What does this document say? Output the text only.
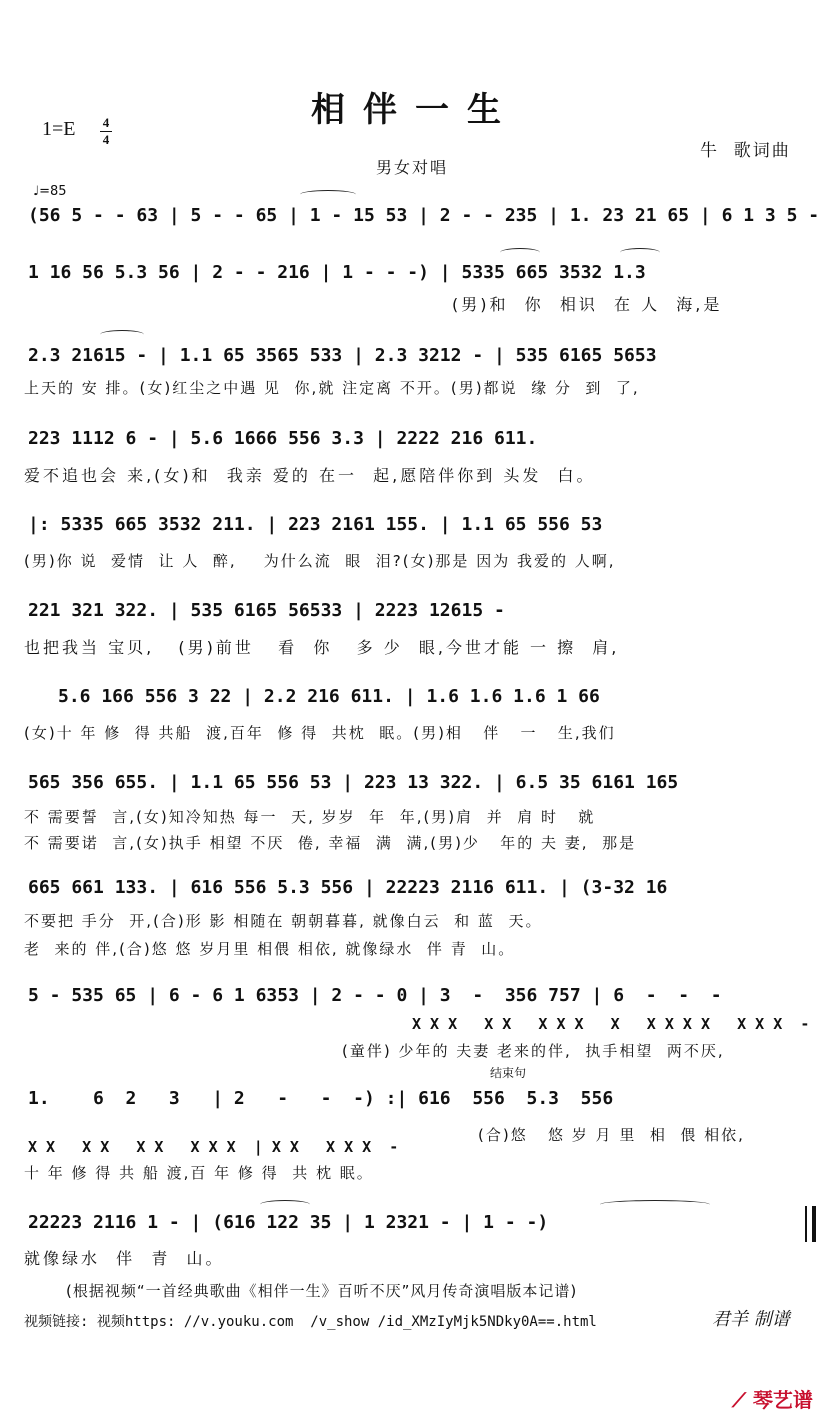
相伴一生
1=E 4
4
牛  歌词曲
男女对唱
♩=85
(56 5 - - 63 | 5 - - 65 | 1 - 15 53 | 2 - - 235 | 1. 23 21 65 | 6 1 3 5 -
1 16 56 5.3 56 | 2 - - 216 | 1 - - -) | 5335 665 3532 1.3
(男)和  你  相识  在 人  海,是
2.3 21615 - | 1.1 65 3565 533 | 2.3 3212 - | 535 6165 5653
上天的 安 排。(女)红尘之中遇 见  你,就 注定离 不开。(男)都说  缘 分  到  了,
223 1112 6 - | 5.6 1666 556 3.3 | 2222 216 611.
爱不追也会 来,(女)和  我亲 爱的 在一  起,愿陪伴你到 头发  白。
|: 5335 665 3532 211. | 223 2161 155. | 1.1 65 556 53
(男)你 说  爱情  让 人  醉,    为什么流  眼  泪?(女)那是 因为 我爱的 人啊,
221 321 322. | 535 6165 56533 | 2223 12615 -
也把我当 宝贝,   (男)前世   看  你   多 少  眼,今世才能 一 擦  肩,
5.6 166 556 3 22 | 2.2 216 611. | 1.6 1.6 1.6 1 66
(女)十 年 修  得 共船  渡,百年  修 得  共枕  眠。(男)相   伴   一   生,我们
565 356 655. | 1.1 65 556 53 | 223 13 322. | 6.5 35 6161 165
不 需要誓  言,(女)知冷知热 每一  天, 岁岁  年  年,(男)肩  并  肩 时   就
不 需要诺  言,(女)执手 相望 不厌  倦, 幸福  满  满,(男)少   年的 夫 妻,  那是
665 661 133. | 616 556 5.3 556 | 22223 2116 611. | (3-32 16
不要把 手分  开,(合)形 影 相随在 朝朝暮暮, 就像白云  和 蓝  天。
老  来的 伴,(合)悠 悠 岁月里 相偎 相依, 就像绿水  伴 青  山。
5 - 535 65 | 6 - 6 1 6353 | 2 - - 0 | 3  -  356 757 | 6  -  -  -
X X X   X X   X X X   X   X X X X   X X X  -
(童伴) 少年的 夫妻 老来的伴,  执手相望  两不厌,
结束句
1.    6  2   3   | 2   -   -  -) :| 616  556  5.3  556
X X   X X   X X   X X X  | X X   X X X  -
(合)悠   悠 岁 月 里  相  偎 相依,
十 年 修 得 共 船 渡,百 年 修 得  共 枕 眠。
22223 2116 1 - | (616 122 35 | 1 2321 - | 1 - -)
就像绿水  伴  青  山。
(根据视频“一首经典歌曲《相伴一生》百听不厌”风月传奇演唱版本记谱)
视频链接: 视频https: //v.youku.com  /v_show /id_XMzIyMjk5NDky0A==.html	君羊 制谱

⟋ 琴艺谱
